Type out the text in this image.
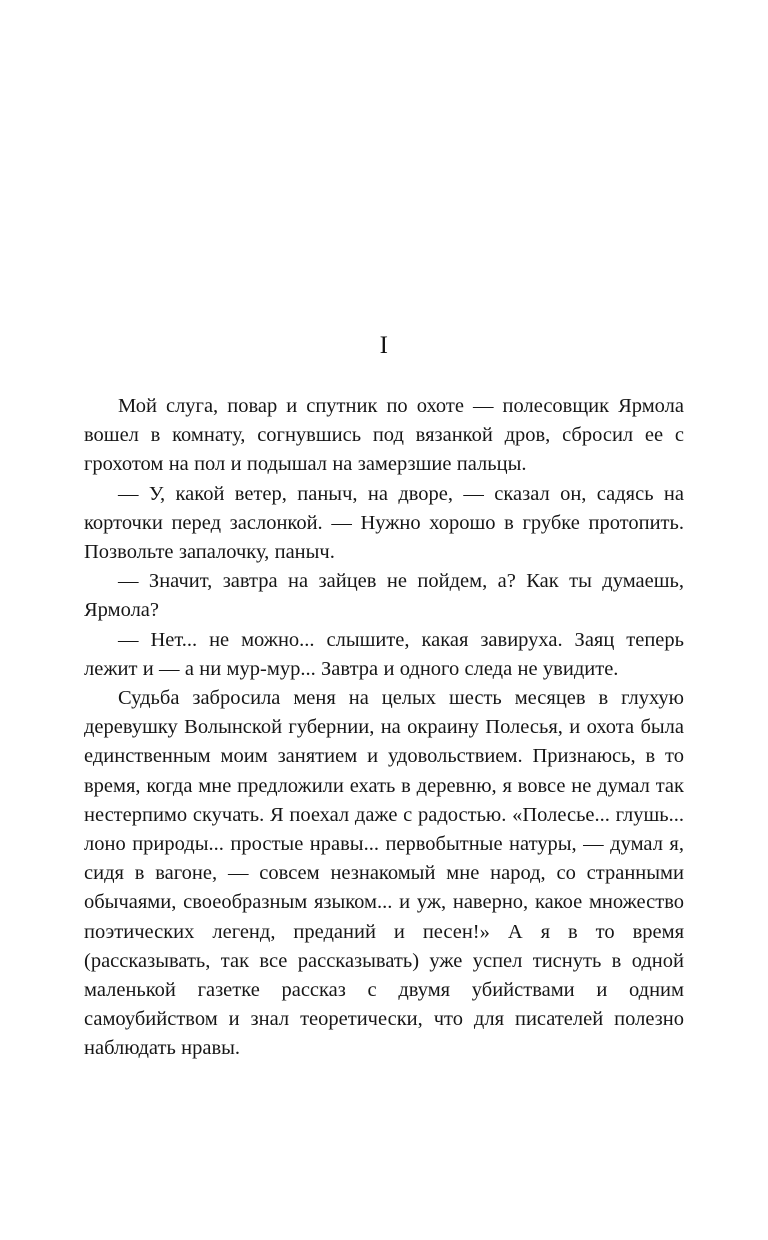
I

Мой слуга, повар и спутник по охоте — полесовщик Ярмола вошел в комнату, согнувшись под вязанкой дров, сбросил ее с грохотом на пол и подышал на замерзшие пальцы.

— У, какой ветер, паныч, на дворе, — сказал он, садясь на корточки перед заслонкой. — Нужно хорошо в грубке протопить. Позвольте запалочку, паныч.

— Значит, завтра на зайцев не пойдем, а? Как ты думаешь, Ярмола?

— Нет... не можно... слышите, какая завируха. Заяц теперь лежит и — а ни мур-мур... Завтра и одного следа не увидите.

Судьба забросила меня на целых шесть месяцев в глухую деревушку Волынской губернии, на окраину Полесья, и охота была единственным моим занятием и удовольствием. Признаюсь, в то время, когда мне предложили ехать в деревню, я вовсе не думал так нестерпимо скучать. Я поехал даже с радостью. «Полесье... глушь... лоно природы... простые нравы... первобытные натуры, — думал я, сидя в вагоне, — совсем незнакомый мне народ, со странными обычаями, своеобразным языком... и уж, наверно, какое множество поэтических легенд, преданий и песен!» А я в то время (рассказывать, так все рассказывать) уже успел тиснуть в одной маленькой газетке рассказ с двумя убийствами и одним самоубийством и знал теоретически, что для писателей полезно наблюдать нравы.
